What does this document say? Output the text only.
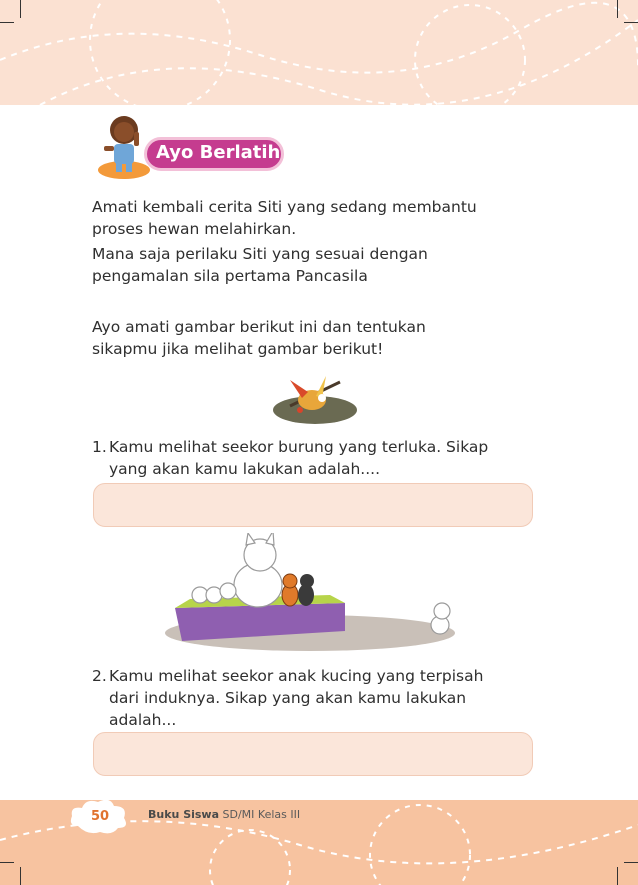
Ayo Berlatih
Amati kembali cerita Siti yang sedang membantu
proses hewan melahirkan.
Mana saja perilaku Siti yang sesuai dengan
pengamalan sila pertama Pancasila
Ayo amati gambar berikut ini dan tentukan
sikapmu jika melihat gambar berikut!
1. Kamu melihat seekor burung yang terluka. Sikap
yang akan kamu lakukan adalah....
2. Kamu melihat seekor anak kucing yang terpisah
dari induknya. Sikap yang akan kamu lakukan
adalah...
50	Buku Siswa SD/MI Kelas III
